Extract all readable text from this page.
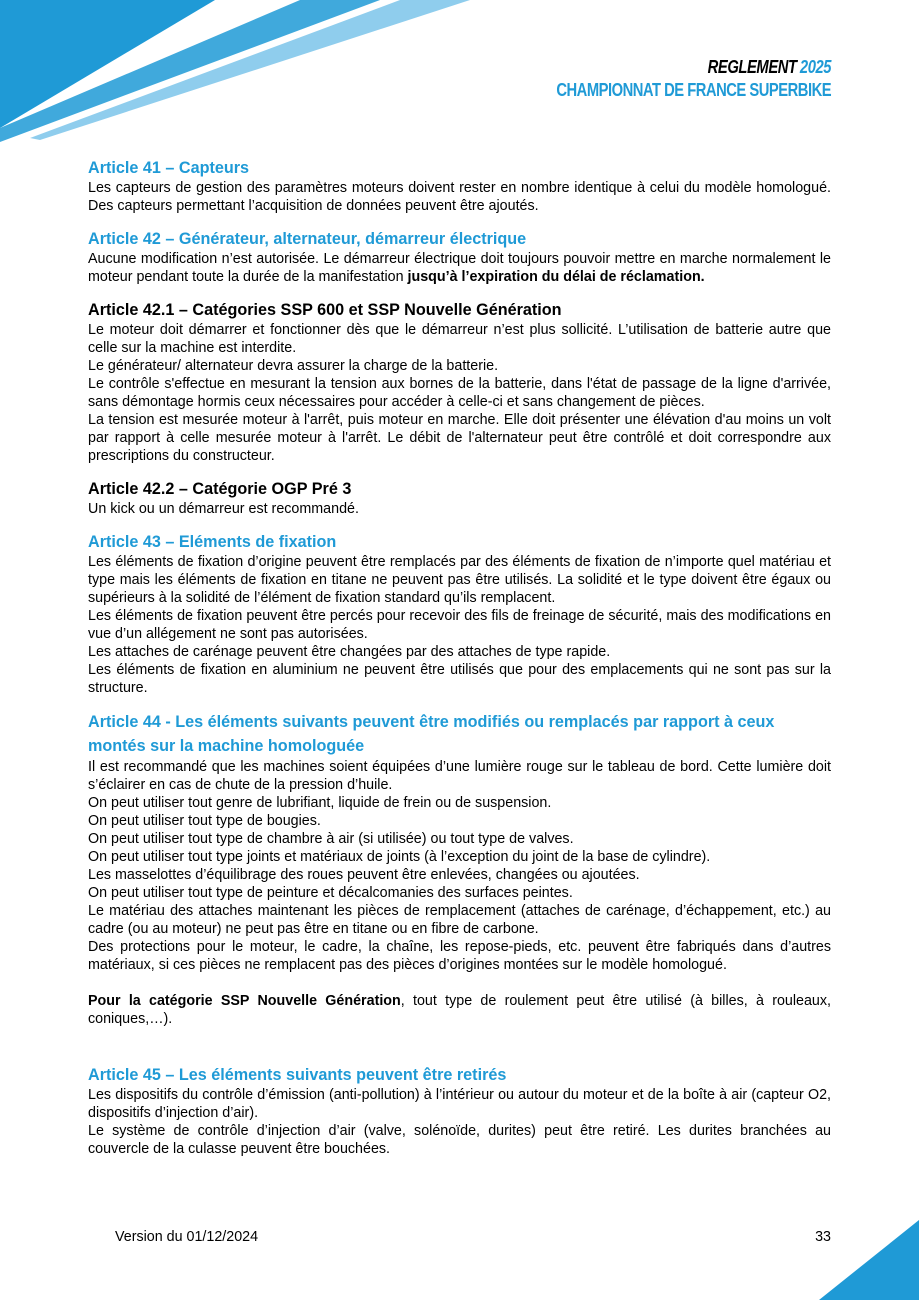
REGLEMENT 2025
CHAMPIONNAT DE FRANCE SUPERBIKE
Article 41 – Capteurs

Les capteurs de gestion des paramètres moteurs doivent rester en nombre identique à celui du modèle homologué. Des capteurs permettant l’acquisition de données peuvent être ajoutés.

Article 42 – Générateur, alternateur, démarreur électrique

Aucune modification n’est autorisée. Le démarreur électrique doit toujours pouvoir mettre en marche normalement le moteur pendant toute la durée de la manifestation jusqu’à l’expiration du délai de réclamation.

Article 42.1 – Catégories SSP 600 et SSP Nouvelle Génération

Le moteur doit démarrer et fonctionner dès que le démarreur n’est plus sollicité. L’utilisation de batterie autre que celle sur la machine est interdite.

Le générateur/ alternateur devra assurer la charge de la batterie.

Le contrôle s'effectue en mesurant la tension aux bornes de la batterie, dans l'état de passage de la ligne d'arrivée, sans démontage hormis ceux nécessaires pour accéder à celle-ci et sans changement de pièces.

La tension est mesurée moteur à l'arrêt, puis moteur en marche. Elle doit présenter une élévation d'au moins un volt par rapport à celle mesurée moteur à l'arrêt. Le débit de l'alternateur peut être contrôlé et doit correspondre aux prescriptions du constructeur.

Article 42.2 – Catégorie OGP Pré 3

Un kick ou un démarreur est recommandé.

Article 43 – Eléments de fixation

Les éléments de fixation d’origine peuvent être remplacés par des éléments de fixation de n’importe quel matériau et type mais les éléments de fixation en titane ne peuvent pas être utilisés. La solidité et le type doivent être égaux ou supérieurs à la solidité de l’élément de fixation standard qu’ils remplacent.

Les éléments de fixation peuvent être percés pour recevoir des fils de freinage de sécurité, mais des modifications en vue d’un allégement ne sont pas autorisées.

Les attaches de carénage peuvent être changées par des attaches de type rapide.

Les éléments de fixation en aluminium ne peuvent être utilisés que pour des emplacements qui ne sont pas sur la structure.

Article 44 - Les éléments suivants peuvent être modifiés ou remplacés par rapport à ceux montés sur la machine homologuée

Il est recommandé que les machines soient équipées d’une lumière rouge sur le tableau de bord. Cette lumière doit s’éclairer en cas de chute de la pression d’huile.

On peut utiliser tout genre de lubrifiant, liquide de frein ou de suspension.

On peut utiliser tout type de bougies.

On peut utiliser tout type de chambre à air (si utilisée) ou tout type de valves.

On peut utiliser tout type joints et matériaux de joints (à l’exception du joint de la base de cylindre).

Les masselottes d’équilibrage des roues peuvent être enlevées, changées ou ajoutées.

On peut utiliser tout type de peinture et décalcomanies des surfaces peintes.

Le matériau des attaches maintenant les pièces de remplacement (attaches de carénage, d’échappement, etc.) au cadre (ou au moteur) ne peut pas être en titane ou en fibre de carbone.

Des protections pour le moteur, le cadre, la chaîne, les repose-pieds, etc. peuvent être fabriqués dans d’autres matériaux, si ces pièces ne remplacent pas des pièces d’origines montées sur le modèle homologué.

Pour la catégorie SSP Nouvelle Génération, tout type de roulement peut être utilisé (à billes, à rouleaux, coniques,…).

Article 45 – Les éléments suivants peuvent être retirés

Les dispositifs du contrôle d’émission (anti-pollution) à l’intérieur ou autour du moteur et de la boîte à air (capteur O2, dispositifs d’injection d’air).

Le système de contrôle d’injection d’air (valve, solénoïde, durites) peut être retiré. Les durites branchées au couvercle de la culasse peuvent être bouchées.

Version du 01/12/2024	33
